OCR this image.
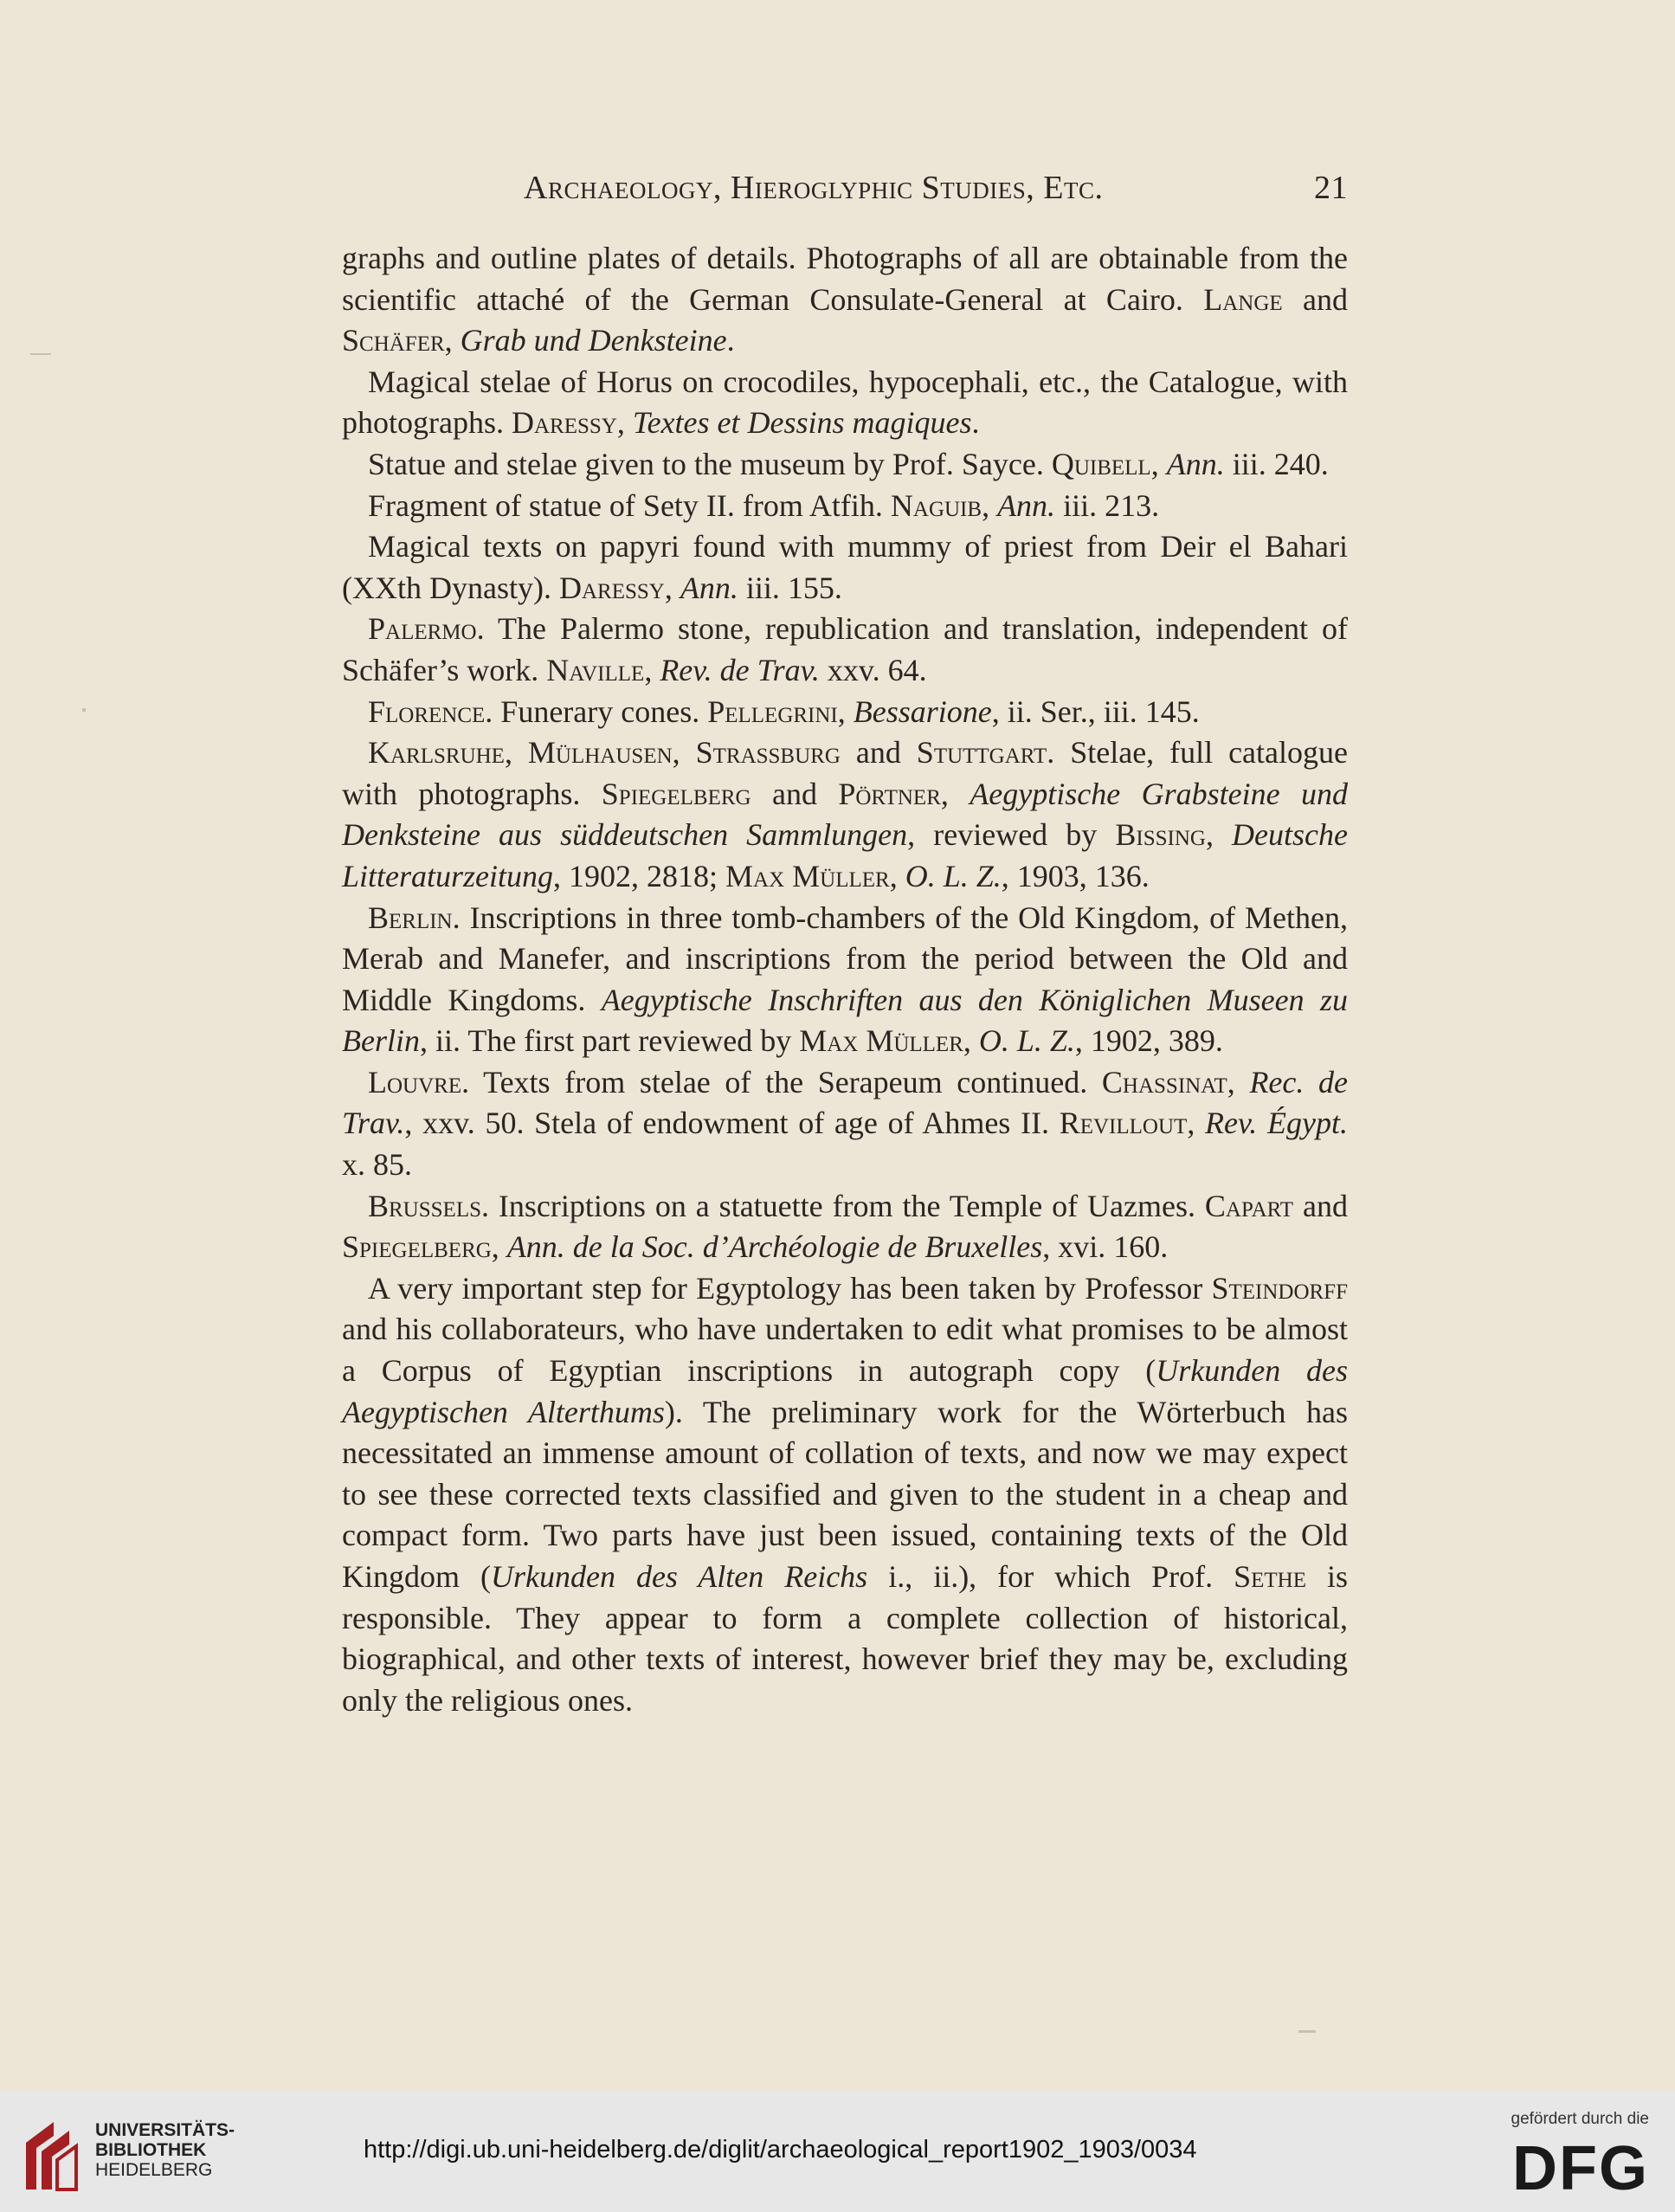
Archaeology, Hieroglyphic Studies, Etc.	21

graphs and outline plates of details. Photographs of all are obtainable from the scientific attaché of the German Consulate-General at Cairo. Lange and Schäfer, Grab und Denksteine.

Magical stelae of Horus on crocodiles, hypocephali, etc., the Catalogue, with photographs. Daressy, Textes et Dessins magiques.

Statue and stelae given to the museum by Prof. Sayce. Quibell, Ann. iii. 240.

Fragment of statue of Sety II. from Atfih. Naguib, Ann. iii. 213.

Magical texts on papyri found with mummy of priest from Deir el Bahari (XXth Dynasty). Daressy, Ann. iii. 155.

Palermo. The Palermo stone, republication and translation, independent of Schäfer’s work. Naville, Rev. de Trav. xxv. 64.

Florence. Funerary cones. Pellegrini, Bessarione, ii. Ser., iii. 145.

Karlsruhe, Mülhausen, Strassburg and Stuttgart. Stelae, full catalogue with photographs. Spiegelberg and Pörtner, Aegyptische Grabsteine und Denksteine aus süddeutschen Sammlungen, reviewed by Bissing, Deutsche Litteraturzeitung, 1902, 2818; Max Müller, O. L. Z., 1903, 136.

Berlin. Inscriptions in three tomb-chambers of the Old Kingdom, of Methen, Merab and Manefer, and inscriptions from the period between the Old and Middle Kingdoms. Aegyptische Inschriften aus den Königlichen Museen zu Berlin, ii. The first part reviewed by Max Müller, O. L. Z., 1902, 389.

Louvre. Texts from stelae of the Serapeum continued. Chassinat, Rec. de Trav., xxv. 50. Stela of endowment of age of Ahmes II. Revillout, Rev. Égypt. x. 85.

Brussels. Inscriptions on a statuette from the Temple of Uazmes. Capart and Spiegelberg, Ann. de la Soc. d’Archéologie de Bruxelles, xvi. 160.

A very important step for Egyptology has been taken by Professor Steindorff and his collaborateurs, who have undertaken to edit what promises to be almost a Corpus of Egyptian inscriptions in autograph copy (Urkunden des Aegyptischen Alterthums). The preliminary work for the Wörterbuch has necessitated an immense amount of collation of texts, and now we may expect to see these corrected texts classified and given to the student in a cheap and compact form. Two parts have just been issued, containing texts of the Old Kingdom (Urkunden des Alten Reichs i., ii.), for which Prof. Sethe is responsible. They appear to form a complete collection of historical, biographical, and other texts of interest, however brief they may be, excluding only the religious ones.

UNIVERSITÄTS-
BIBLIOTHEK
HEIDELBERG
http://digi.ub.uni-heidelberg.de/diglit/archaeological_report1902_1903/0034
gefördert durch die
DFG
